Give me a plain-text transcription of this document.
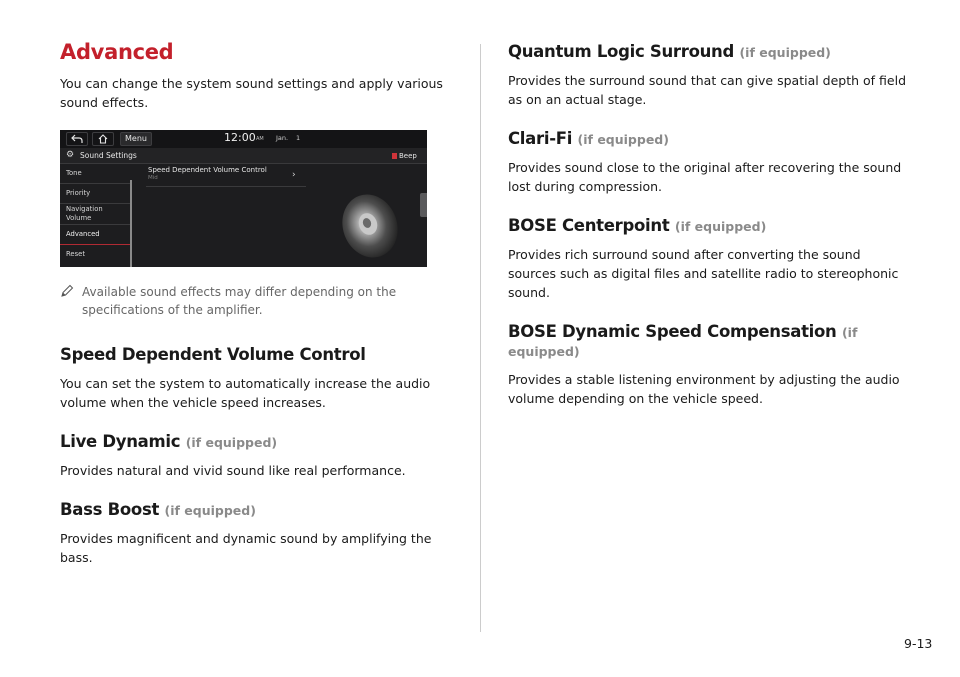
Advanced

You can change the system sound settings and apply various sound effects.

Menu	12:00 AM Jan. 1
⚙ Sound Settings	Beep
Tone
Priority
Navigation Volume
Advanced
Reset
Speed Dependent Volume Control
Mid	›
Available sound effects may differ depending on the specifications of the amplifier.
Speed Dependent Volume Control

You can set the system to automatically increase the audio volume when the vehicle speed increases.

Live Dynamic (if equipped)

Provides natural and vivid sound like real performance.

Bass Boost (if equipped)

Provides magnificent and dynamic sound by amplifying the bass.

Quantum Logic Surround (if equipped)

Provides the surround sound that can give spatial depth of field as on an actual stage.

Clari-Fi (if equipped)

Provides sound close to the original after recovering the sound lost during compression.

BOSE Centerpoint (if equipped)

Provides rich surround sound after converting the sound sources such as digital files and satellite radio to stereophonic sound.

BOSE Dynamic Speed Compensation (if equipped)

Provides a stable listening environment by adjusting the audio volume depending on the vehicle speed.

9-13
